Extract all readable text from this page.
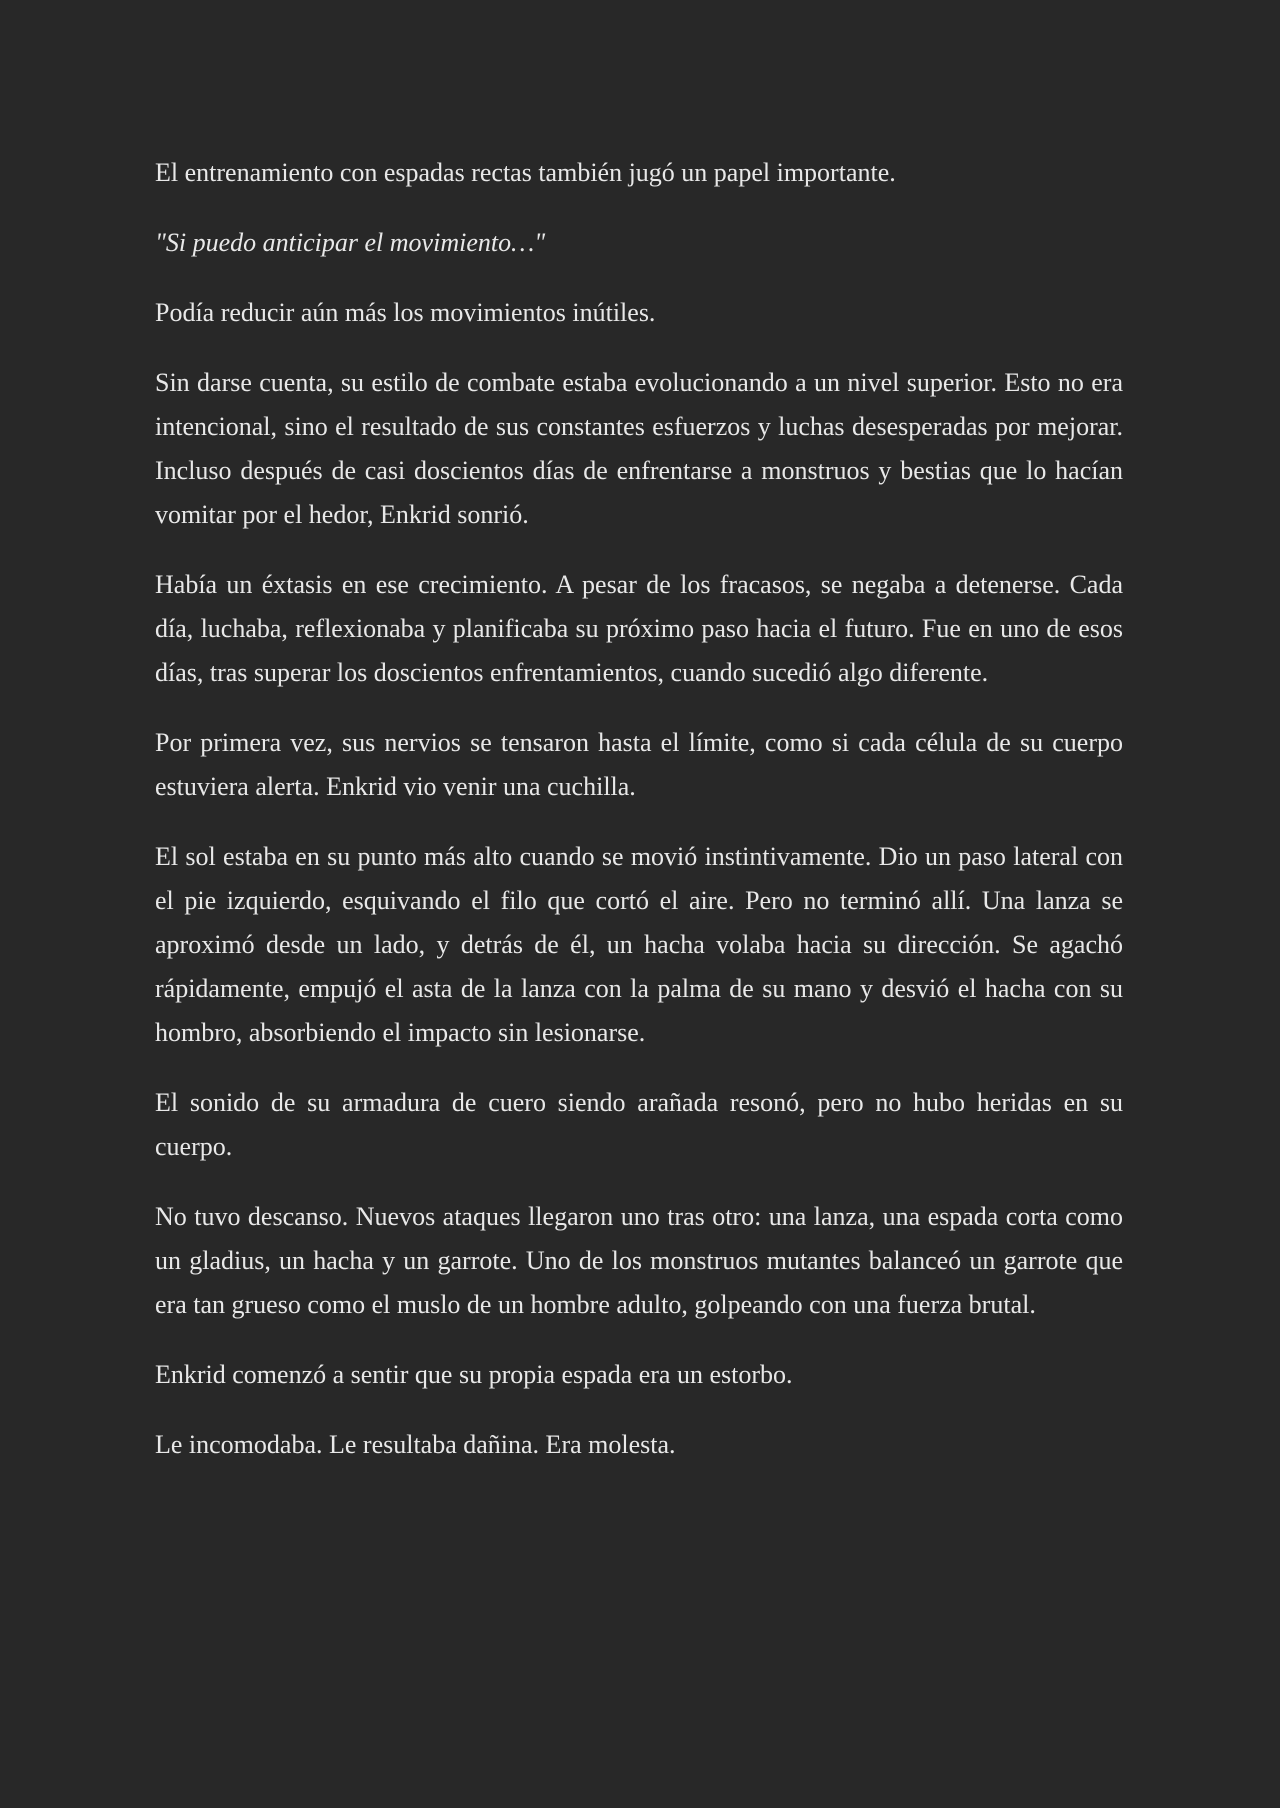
El entrenamiento con espadas rectas también jugó un papel importante.

"Si puedo anticipar el movimiento…"

Podía reducir aún más los movimientos inútiles.

Sin darse cuenta, su estilo de combate estaba evolucionando a un nivel superior. Esto no era intencional, sino el resultado de sus constantes esfuerzos y luchas desesperadas por mejorar. Incluso después de casi doscientos días de enfrentarse a monstruos y bestias que lo hacían vomitar por el hedor, Enkrid sonrió.

Había un éxtasis en ese crecimiento. A pesar de los fracasos, se negaba a detenerse. Cada día, luchaba, reflexionaba y planificaba su próximo paso hacia el futuro. Fue en uno de esos días, tras superar los doscientos enfrentamientos, cuando sucedió algo diferente.

Por primera vez, sus nervios se tensaron hasta el límite, como si cada célula de su cuerpo estuviera alerta. Enkrid vio venir una cuchilla.

El sol estaba en su punto más alto cuando se movió instintivamente. Dio un paso lateral con el pie izquierdo, esquivando el filo que cortó el aire. Pero no terminó allí. Una lanza se aproximó desde un lado, y detrás de él, un hacha volaba hacia su dirección. Se agachó rápidamente, empujó el asta de la lanza con la palma de su mano y desvió el hacha con su hombro, absorbiendo el impacto sin lesionarse.

El sonido de su armadura de cuero siendo arañada resonó, pero no hubo heridas en su cuerpo.

No tuvo descanso. Nuevos ataques llegaron uno tras otro: una lanza, una espada corta como un gladius, un hacha y un garrote. Uno de los monstruos mutantes balanceó un garrote que era tan grueso como el muslo de un hombre adulto, golpeando con una fuerza brutal.

Enkrid comenzó a sentir que su propia espada era un estorbo.

Le incomodaba. Le resultaba dañina. Era molesta.
